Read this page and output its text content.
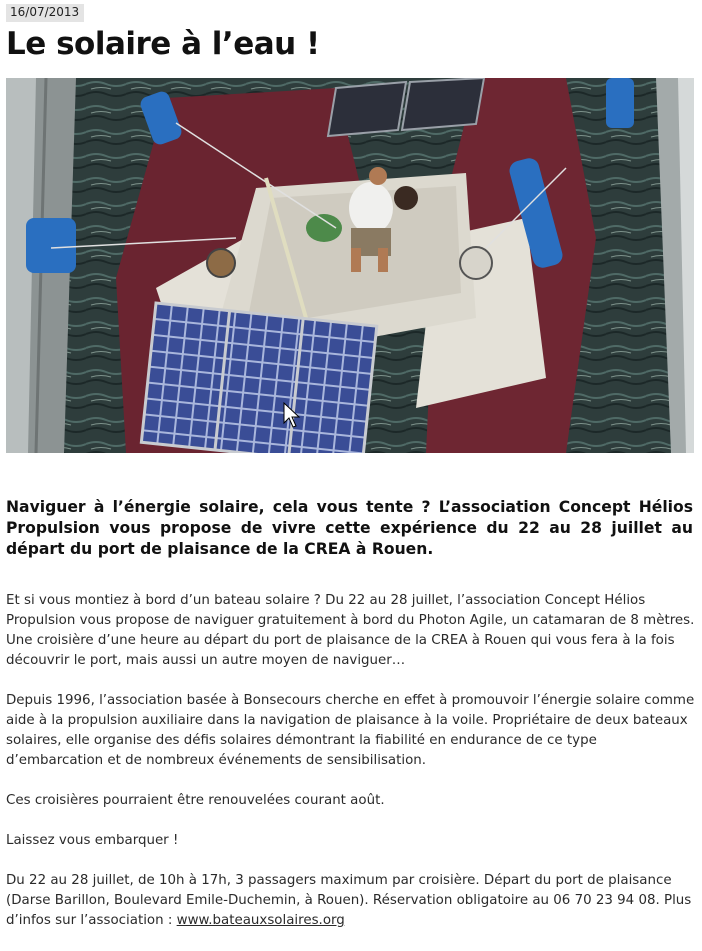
16/07/2013
Le solaire à l’eau !

Naviguer à l’énergie solaire, cela vous tente ? L’association Concept Hélios Propulsion vous propose de vivre cette expérience du 22 au 28 juillet au départ du port de plaisance de la CREA à Rouen.

Et si vous montiez à bord d’un bateau solaire ? Du 22 au 28 juillet, l’association Concept Hélios Propulsion vous propose de naviguer gratuitement à bord du Photon Agile, un catamaran de 8 mètres. Une croisière d’une heure au départ du port de plaisance de la CREA à Rouen qui vous fera à la fois découvrir le port, mais aussi un autre moyen de naviguer…

Depuis 1996, l’association basée à Bonsecours cherche en effet à promouvoir l’énergie solaire comme aide à la propulsion auxiliaire dans la navigation de plaisance à la voile. Propriétaire de deux bateaux solaires, elle organise des défis solaires démontrant la fiabilité en endurance de ce type d’embarcation et de nombreux événements de sensibilisation.

Ces croisières pourraient être renouvelées courant août.

Laissez vous embarquer !

Du 22 au 28 juillet, de 10h à 17h, 3 passagers maximum par croisière. Départ du port de plaisance (Darse Barillon, Boulevard Emile-Duchemin, à Rouen). Réservation obligatoire au 06 70 23 94 08. Plus d’infos sur l’association : www.bateauxsolaires.org
